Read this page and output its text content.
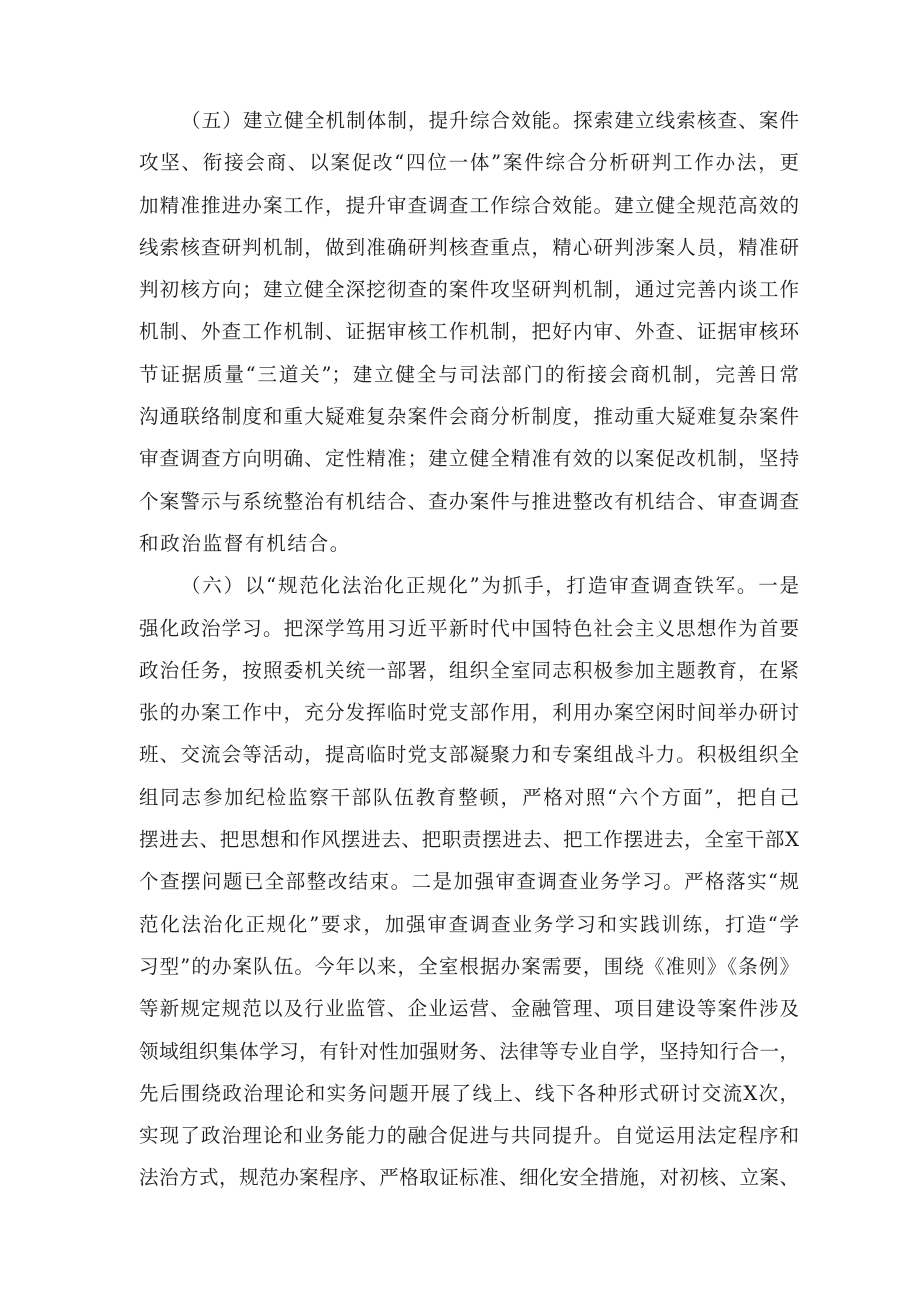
（五）建立健全机制体制，提升综合效能。探索建立线索核查、案件
攻坚、衔接会商、以案促改“四位一体”案件综合分析研判工作办法，更
加精准推进办案工作，提升审查调查工作综合效能。建立健全规范高效的
线索核查研判机制，做到准确研判核查重点，精心研判涉案人员，精准研
判初核方向；建立健全深挖彻查的案件攻坚研判机制，通过完善内谈工作
机制、外查工作机制、证据审核工作机制，把好内审、外查、证据审核环
节证据质量“三道关”；建立健全与司法部门的衔接会商机制，完善日常
沟通联络制度和重大疑难复杂案件会商分析制度，推动重大疑难复杂案件
审查调查方向明确、定性精准；建立健全精准有效的以案促改机制，坚持
个案警示与系统整治有机结合、查办案件与推进整改有机结合、审查调查
和政治监督有机结合。
（六）以“规范化法治化正规化”为抓手，打造审查调查铁军。一是
强化政治学习。把深学笃用习近平新时代中国特色社会主义思想作为首要
政治任务，按照委机关统一部署，组织全室同志积极参加主题教育，在紧
张的办案工作中，充分发挥临时党支部作用，利用办案空闲时间举办研讨
班、交流会等活动，提高临时党支部凝聚力和专案组战斗力。积极组织全
组同志参加纪检监察干部队伍教育整顿，严格对照“六个方面”，把自己
摆进去、把思想和作风摆进去、把职责摆进去、把工作摆进去，全室干部X
个查摆问题已全部整改结束。二是加强审查调查业务学习。严格落实“规
范化法治化正规化”要求，加强审查调查业务学习和实践训练，打造“学
习型”的办案队伍。今年以来，全室根据办案需要，围绕《准则》《条例》
等新规定规范以及行业监管、企业运营、金融管理、项目建设等案件涉及
领域组织集体学习，有针对性加强财务、法律等专业自学，坚持知行合一，
先后围绕政治理论和实务问题开展了线上、线下各种形式研讨交流X次，
实现了政治理论和业务能力的融合促进与共同提升。自觉运用法定程序和
法治方式，规范办案程序、严格取证标准、细化安全措施，对初核、立案、
